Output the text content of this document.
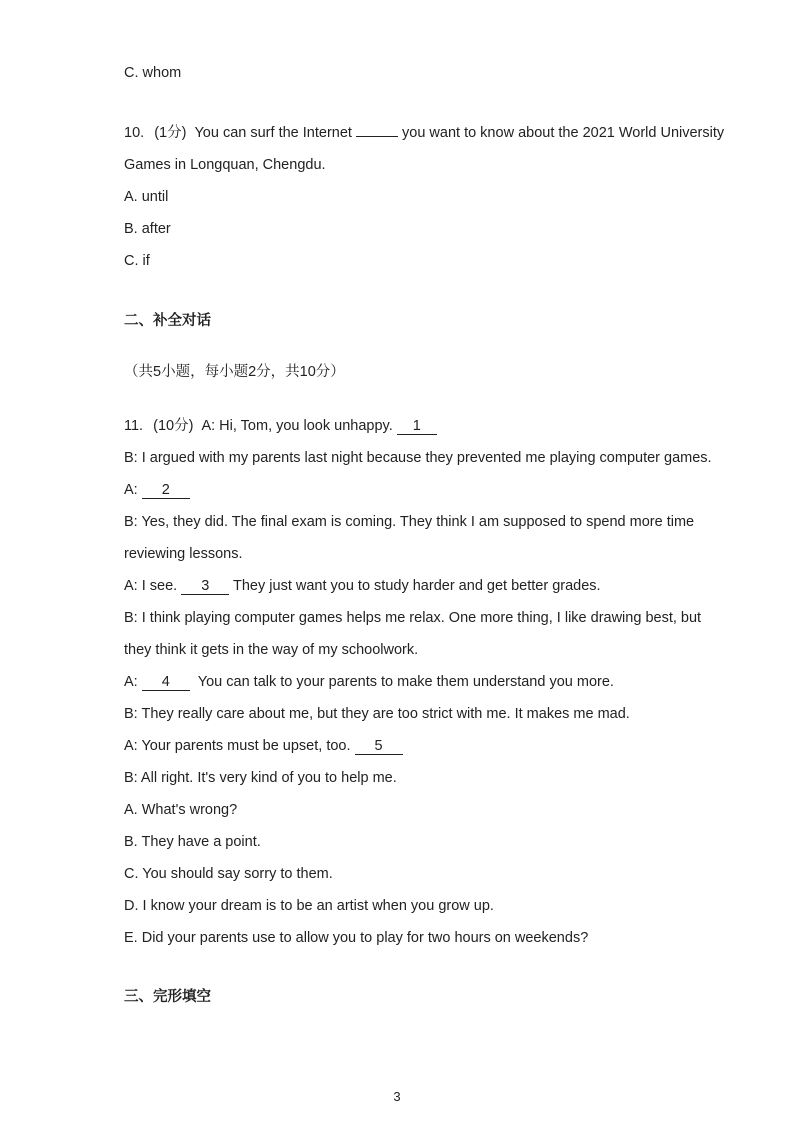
C. whom
10. (1分) You can surf the Internet	you want to know about the 2021 World University
Games in Longquan, Chengdu.
A. until
B. after
C. if
二、补全对话
（共5小题，每小题2分，共10分）
11. (10分) A: Hi, Tom, you look unhappy. 1
B: I argued with my parents last night because they prevented me playing computer games.
A: 2
B: Yes, they did. The final exam is coming. They think I am supposed to spend more time
reviewing lessons.
A: I see. 3 They just want you to study harder and get better grades.
B: I think playing computer games helps me relax. One more thing, I like drawing best, but
they think it gets in the way of my schoolwork.
A: 4 You can talk to your parents to make them understand you more.
B: They really care about me, but they are too strict with me. It makes me mad.
A: Your parents must be upset, too. 5
B: All right. It's very kind of you to help me.
A. What's wrong?
B. They have a point.
C. You should say sorry to them.
D. I know your dream is to be an artist when you grow up.
E. Did your parents use to allow you to play for two hours on weekends?
三、完形填空
3
